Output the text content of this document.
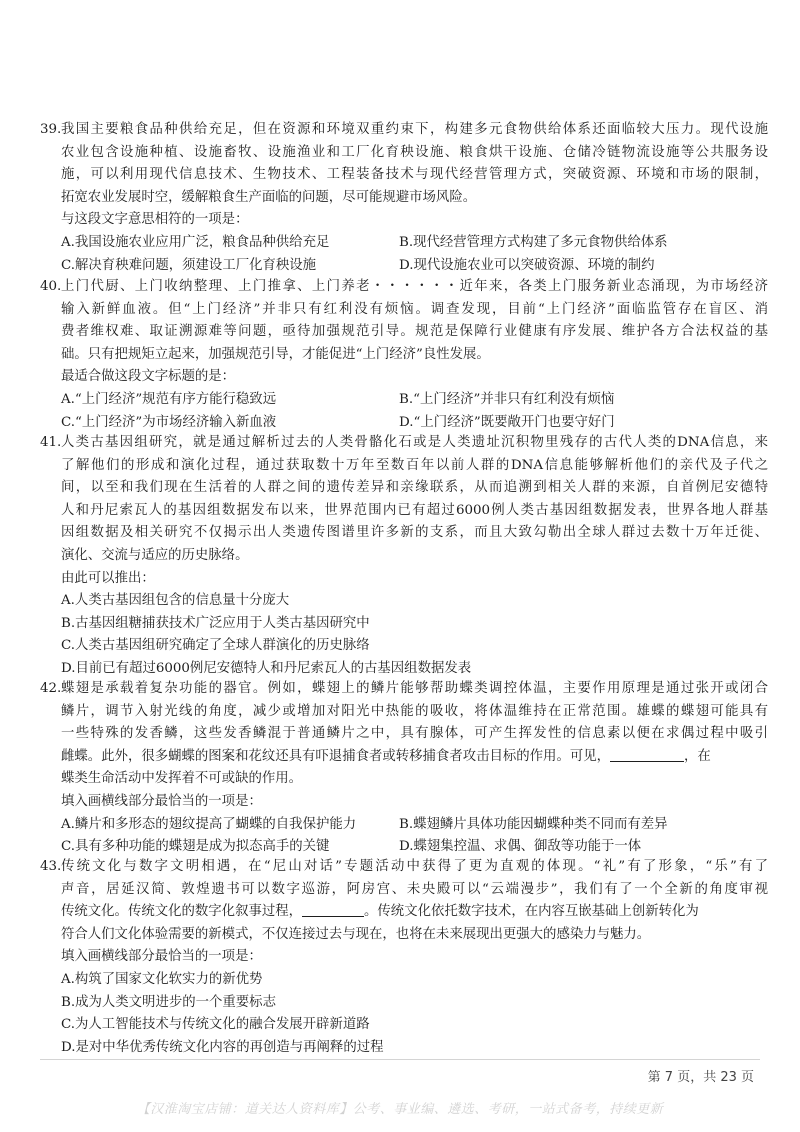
39. 我国主要粮食品种供给充足，但在资源和环境双重约束下，构建多元食物供给体系还面临较大压力。现代设施
农业包含设施种植、设施畜牧、设施渔业和工厂化育秧设施、粮食烘干设施、仓储冷链物流设施等公共服务设
施，可以利用现代信息技术、生物技术、工程装备技术与现代经营管理方式，突破资源、环境和市场的限制，
拓宽农业发展时空，缓解粮食生产面临的问题，尽可能规避市场风险。
与这段文字意思相符的一项是：
A.我国设施农业应用广泛，粮食品种供给充足	B.现代经营管理方式构建了多元食物供给体系
C.解决育秧难问题，须建设工厂化育秧设施	D.现代设施农业可以突破资源、环境的制约
40. 上门代厨、上门收纳整理、上门推拿、上门养老・・・・・・近年来，各类上门服务新业态涌现，为市场经济
输入新鲜血液。但“上门经济”并非只有红利没有烦恼。调查发现，目前“上门经济”面临监管存在盲区、消
费者维权难、取证溯源难等问题，亟待加强规范引导。规范是保障行业健康有序发展、维护各方合法权益的基
础。只有把规矩立起来，加强规范引导，才能促进“上门经济”良性发展。
最适合做这段文字标题的是：
A.“上门经济”规范有序方能行稳致远	B.“上门经济”并非只有红利没有烦恼
C.“上门经济”为市场经济输入新血液	D.“上门经济”既要敞开门也要守好门
41. 人类古基因组研究，就是通过解析过去的人类骨骼化石或是人类遗址沉积物里残存的古代人类的DNA信息，来
了解他们的形成和演化过程，通过获取数十万年至数百年以前人群的DNA信息能够解析他们的亲代及子代之
间，以至和我们现在生活着的人群之间的遗传差异和亲缘联系，从而追溯到相关人群的来源，自首例尼安德特
人和丹尼索瓦人的基因组数据发布以来，世界范围内已有超过6000例人类古基因组数据发表，世界各地人群基
因组数据及相关研究不仅揭示出人类遗传图谱里许多新的支系，而且大致勾勒出全球人群过去数十万年迁徙、
演化、交流与适应的历史脉络。
由此可以推出：
A.人类古基因组包含的信息量十分庞大
B.古基因组糖捕获技术广泛应用于人类古基因研究中
C.人类古基因组研究确定了全球人群演化的历史脉络
D.目前已有超过6000例尼安德特人和丹尼索瓦人的古基因组数据发表
42. 蝶翅是承载着复杂功能的器官。例如，蝶翅上的鳞片能够帮助蝶类调控体温，主要作用原理是通过张开或闭合
鳞片，调节入射光线的角度，减少或增加对阳光中热能的吸收，将体温维持在正常范围。雄蝶的蝶翅可能具有
一些特殊的发香鳞，这些发香鳞混于普通鳞片之中，具有腺体，可产生挥发性的信息素以便在求偶过程中吸引
雌蝶。此外，很多蝴蝶的图案和花纹还具有吓退捕食者或转移捕食者攻击目标的作用。可见，	，在
蝶类生命活动中发挥着不可或缺的作用。
填入画横线部分最恰当的一项是：
A.鳞片和多形态的翅纹提高了蝴蝶的自我保护能力	B.蝶翅鳞片具体功能因蝴蝶种类不同而有差异
C.具有多种功能的蝶翅是成为拟态高手的关键	D.蝶翅集控温、求偶、御敌等功能于一体
43. 传统文化与数字文明相遇，在“尼山对话”专题活动中获得了更为直观的体现。“礼”有了形象，“乐”有了
声音，居延汉简、敦煌遗书可以数字巡游，阿房宫、未央殿可以“云端漫步”，我们有了一个全新的角度审视
传统文化。传统文化的数字化叙事过程，	。传统文化依托数字技术，在内容互嵌基础上创新转化为
符合人们文化体验需要的新模式，不仅连接过去与现在，也将在未来展现出更强大的感染力与魅力。
填入画横线部分最恰当的一项是：
A.构筑了国家文化软实力的新优势
B.成为人类文明进步的一个重要标志
C.为人工智能技术与传统文化的融合发展开辟新道路
D.是对中华优秀传统文化内容的再创造与再阐释的过程
第 7 页，共 23 页
【汉淮淘宝店铺：道关达人资料库】公考、事业编、遴选、考研，一站式备考，持续更新
